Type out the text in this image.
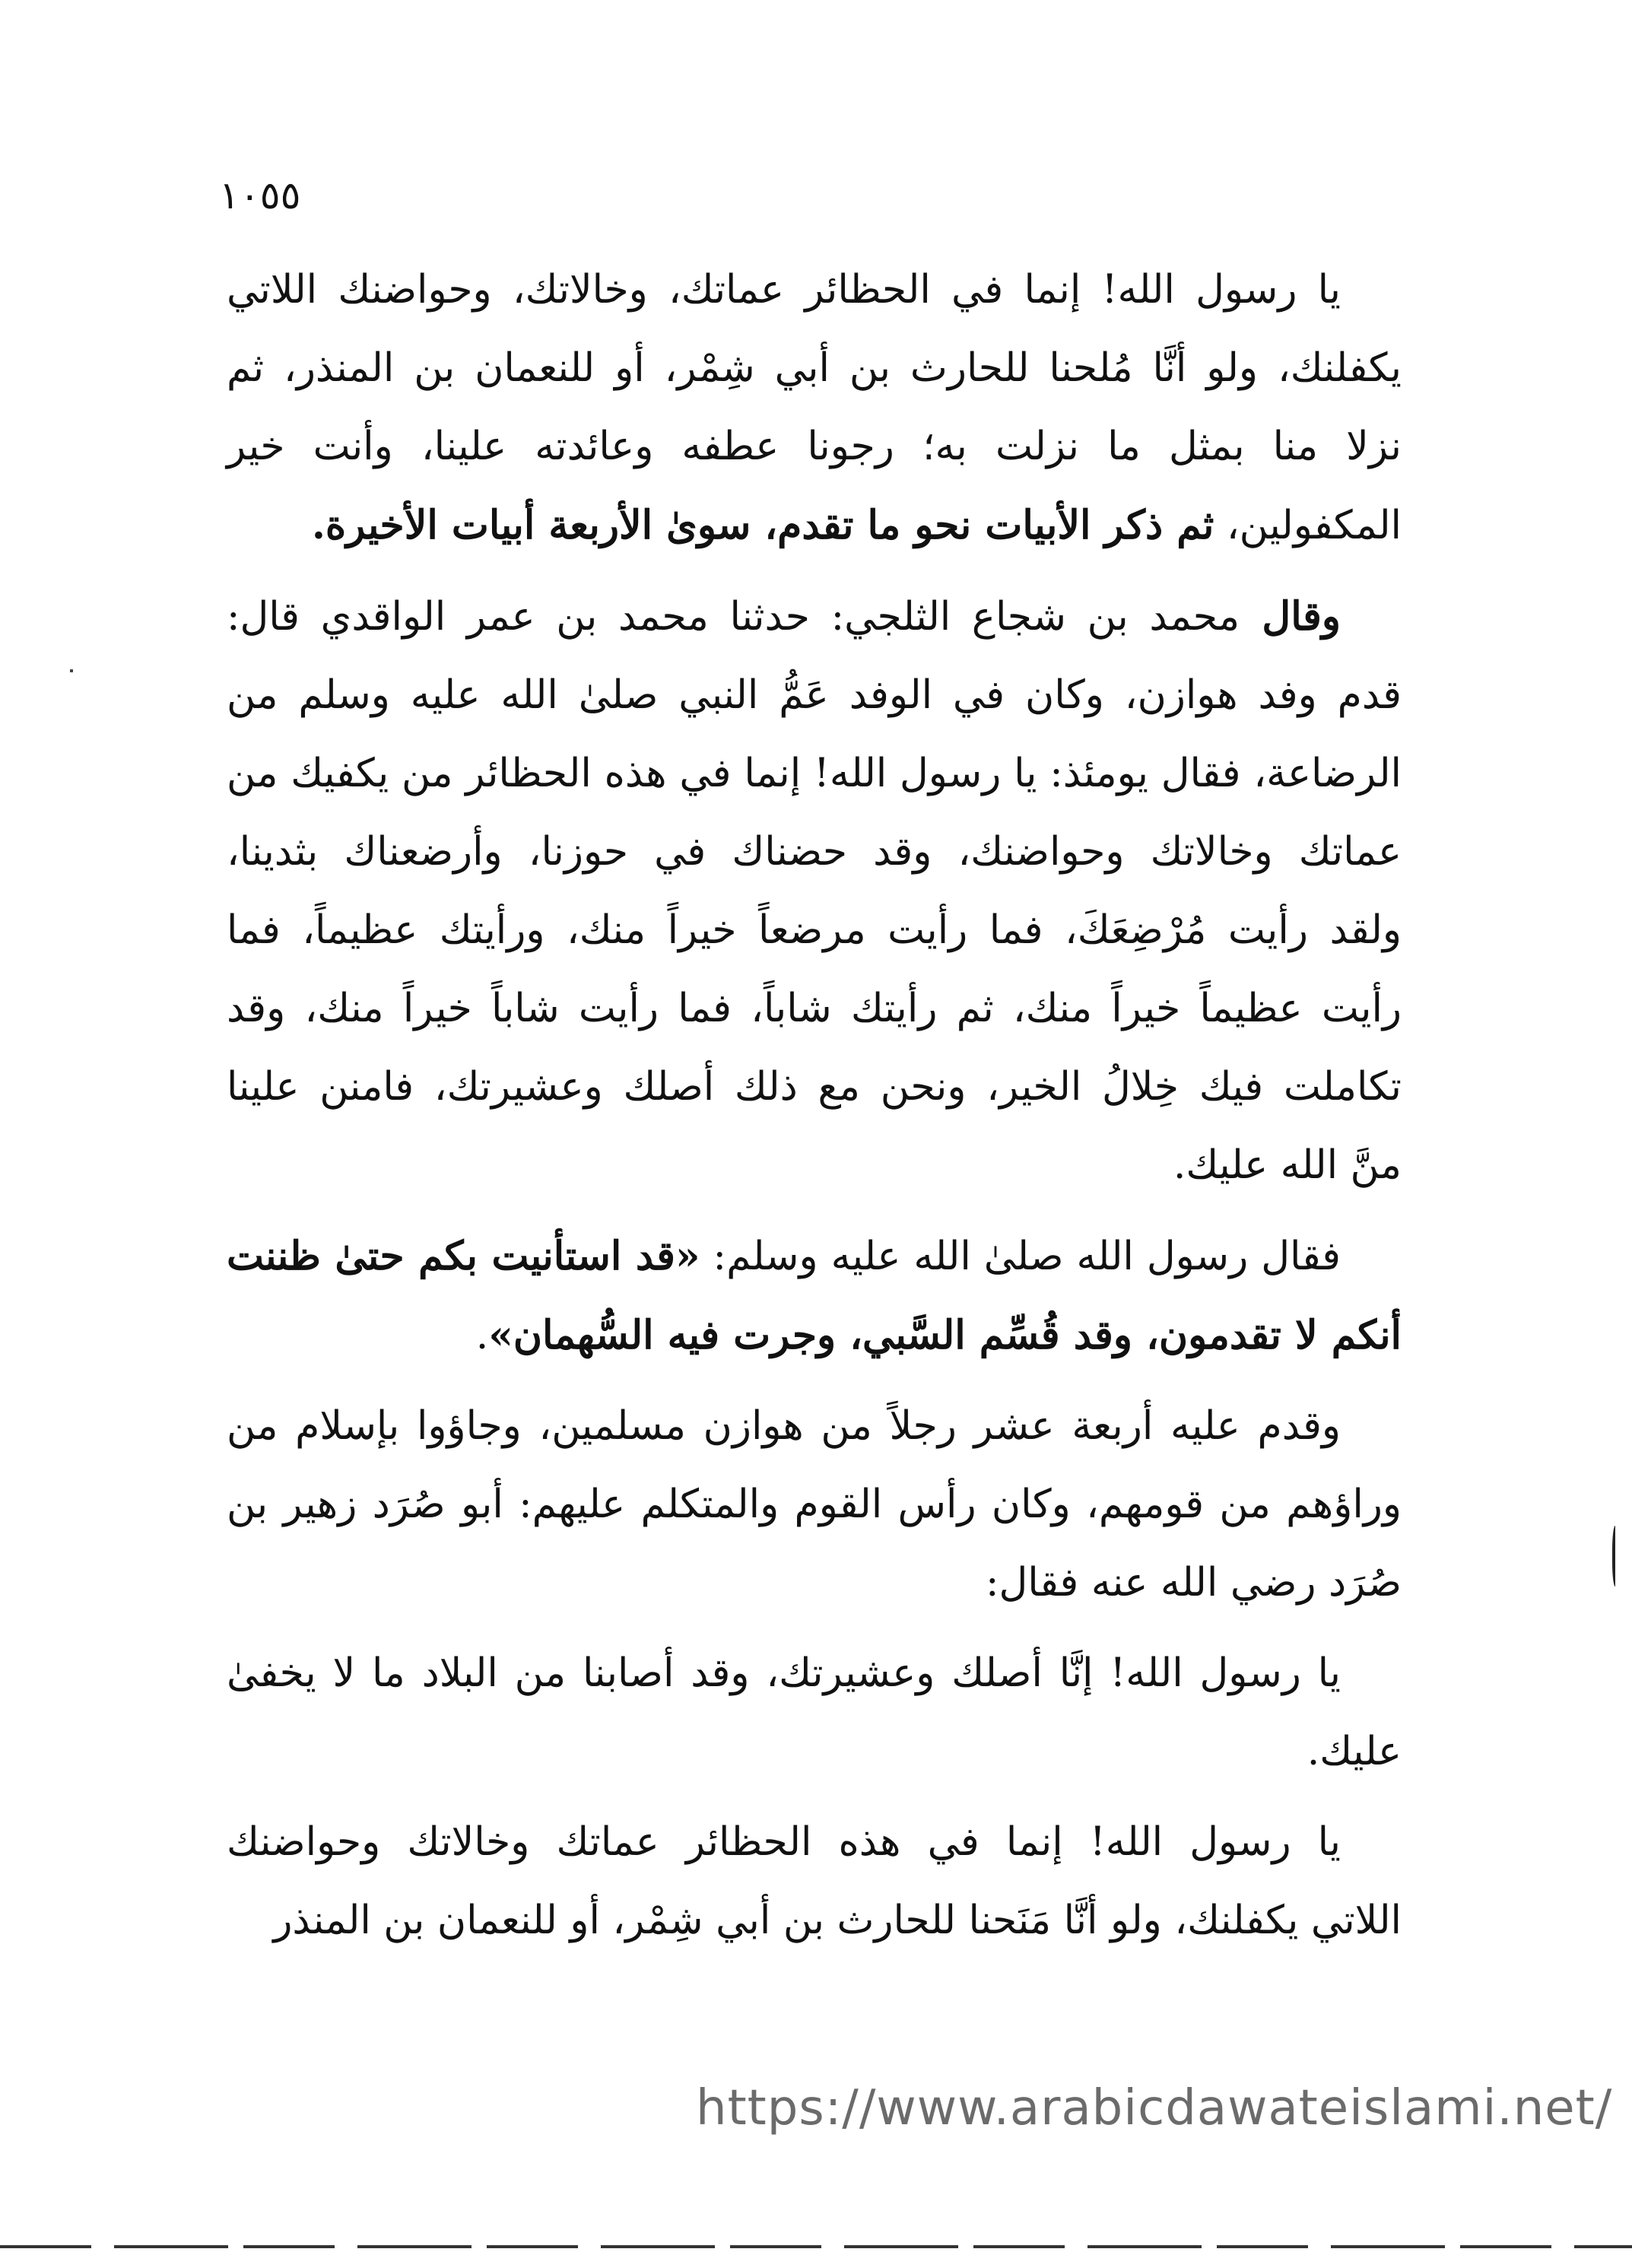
١٠٥٥
يا رسول الله! إنما في الحظائر عماتك، وخالاتك، وحواضنك اللاتي
يكفلنك، ولو أنَّا مُلحنا للحارث بن أبي شِمْر، أو للنعمان بن المنذر، ثم
نزلا منا بمثل ما نزلت به؛ رجونا عطفه وعائدته علينا، وأنت خير
المكفولين، ثم ذكر الأبيات نحو ما تقدم، سوىٰ الأربعة أبيات الأخيرة.
وقال محمد بن شجاع الثلجي: حدثنا محمد بن عمر الواقدي قال:
قدم وفد هوازن، وكان في الوفد عَمُّ النبي صلىٰ الله عليه وسلم من
الرضاعة، فقال يومئذ: يا رسول الله! إنما في هذه الحظائر من يكفيك من
عماتك وخالاتك وحواضنك، وقد حضناك في حوزنا، وأرضعناك بثدينا،
ولقد رأيت مُرْضِعَكَ، فما رأيت مرضعاً خيراً منك، ورأيتك عظيماً، فما
رأيت عظيماً خيراً منك، ثم رأيتك شاباً، فما رأيت شاباً خيراً منك، وقد
تكاملت فيك خِلالُ الخير، ونحن مع ذلك أصلك وعشيرتك، فامنن علينا
منَّ الله عليك.
فقال رسول الله صلىٰ الله عليه وسلم: «قد استأنيت بكم حتىٰ ظننت
أنكم لا تقدمون، وقد قُسِّم السَّبي، وجرت فيه السُّهمان».
وقدم عليه أربعة عشر رجلاً من هوازن مسلمين، وجاؤوا بإسلام من
وراؤهم من قومهم، وكان رأس القوم والمتكلم عليهم: أبو صُرَد زهير بن
صُرَد رضي الله عنه فقال:
يا رسول الله! إنَّا أصلك وعشيرتك، وقد أصابنا من البلاد ما لا يخفىٰ
عليك.
يا رسول الله! إنما في هذه الحظائر عماتك وخالاتك وحواضنك
اللاتي يكفلنك، ولو أنَّا مَنَحنا للحارث بن أبي شِمْر، أو للنعمان بن المنذر
https://www.arabicdawateislami.net/
